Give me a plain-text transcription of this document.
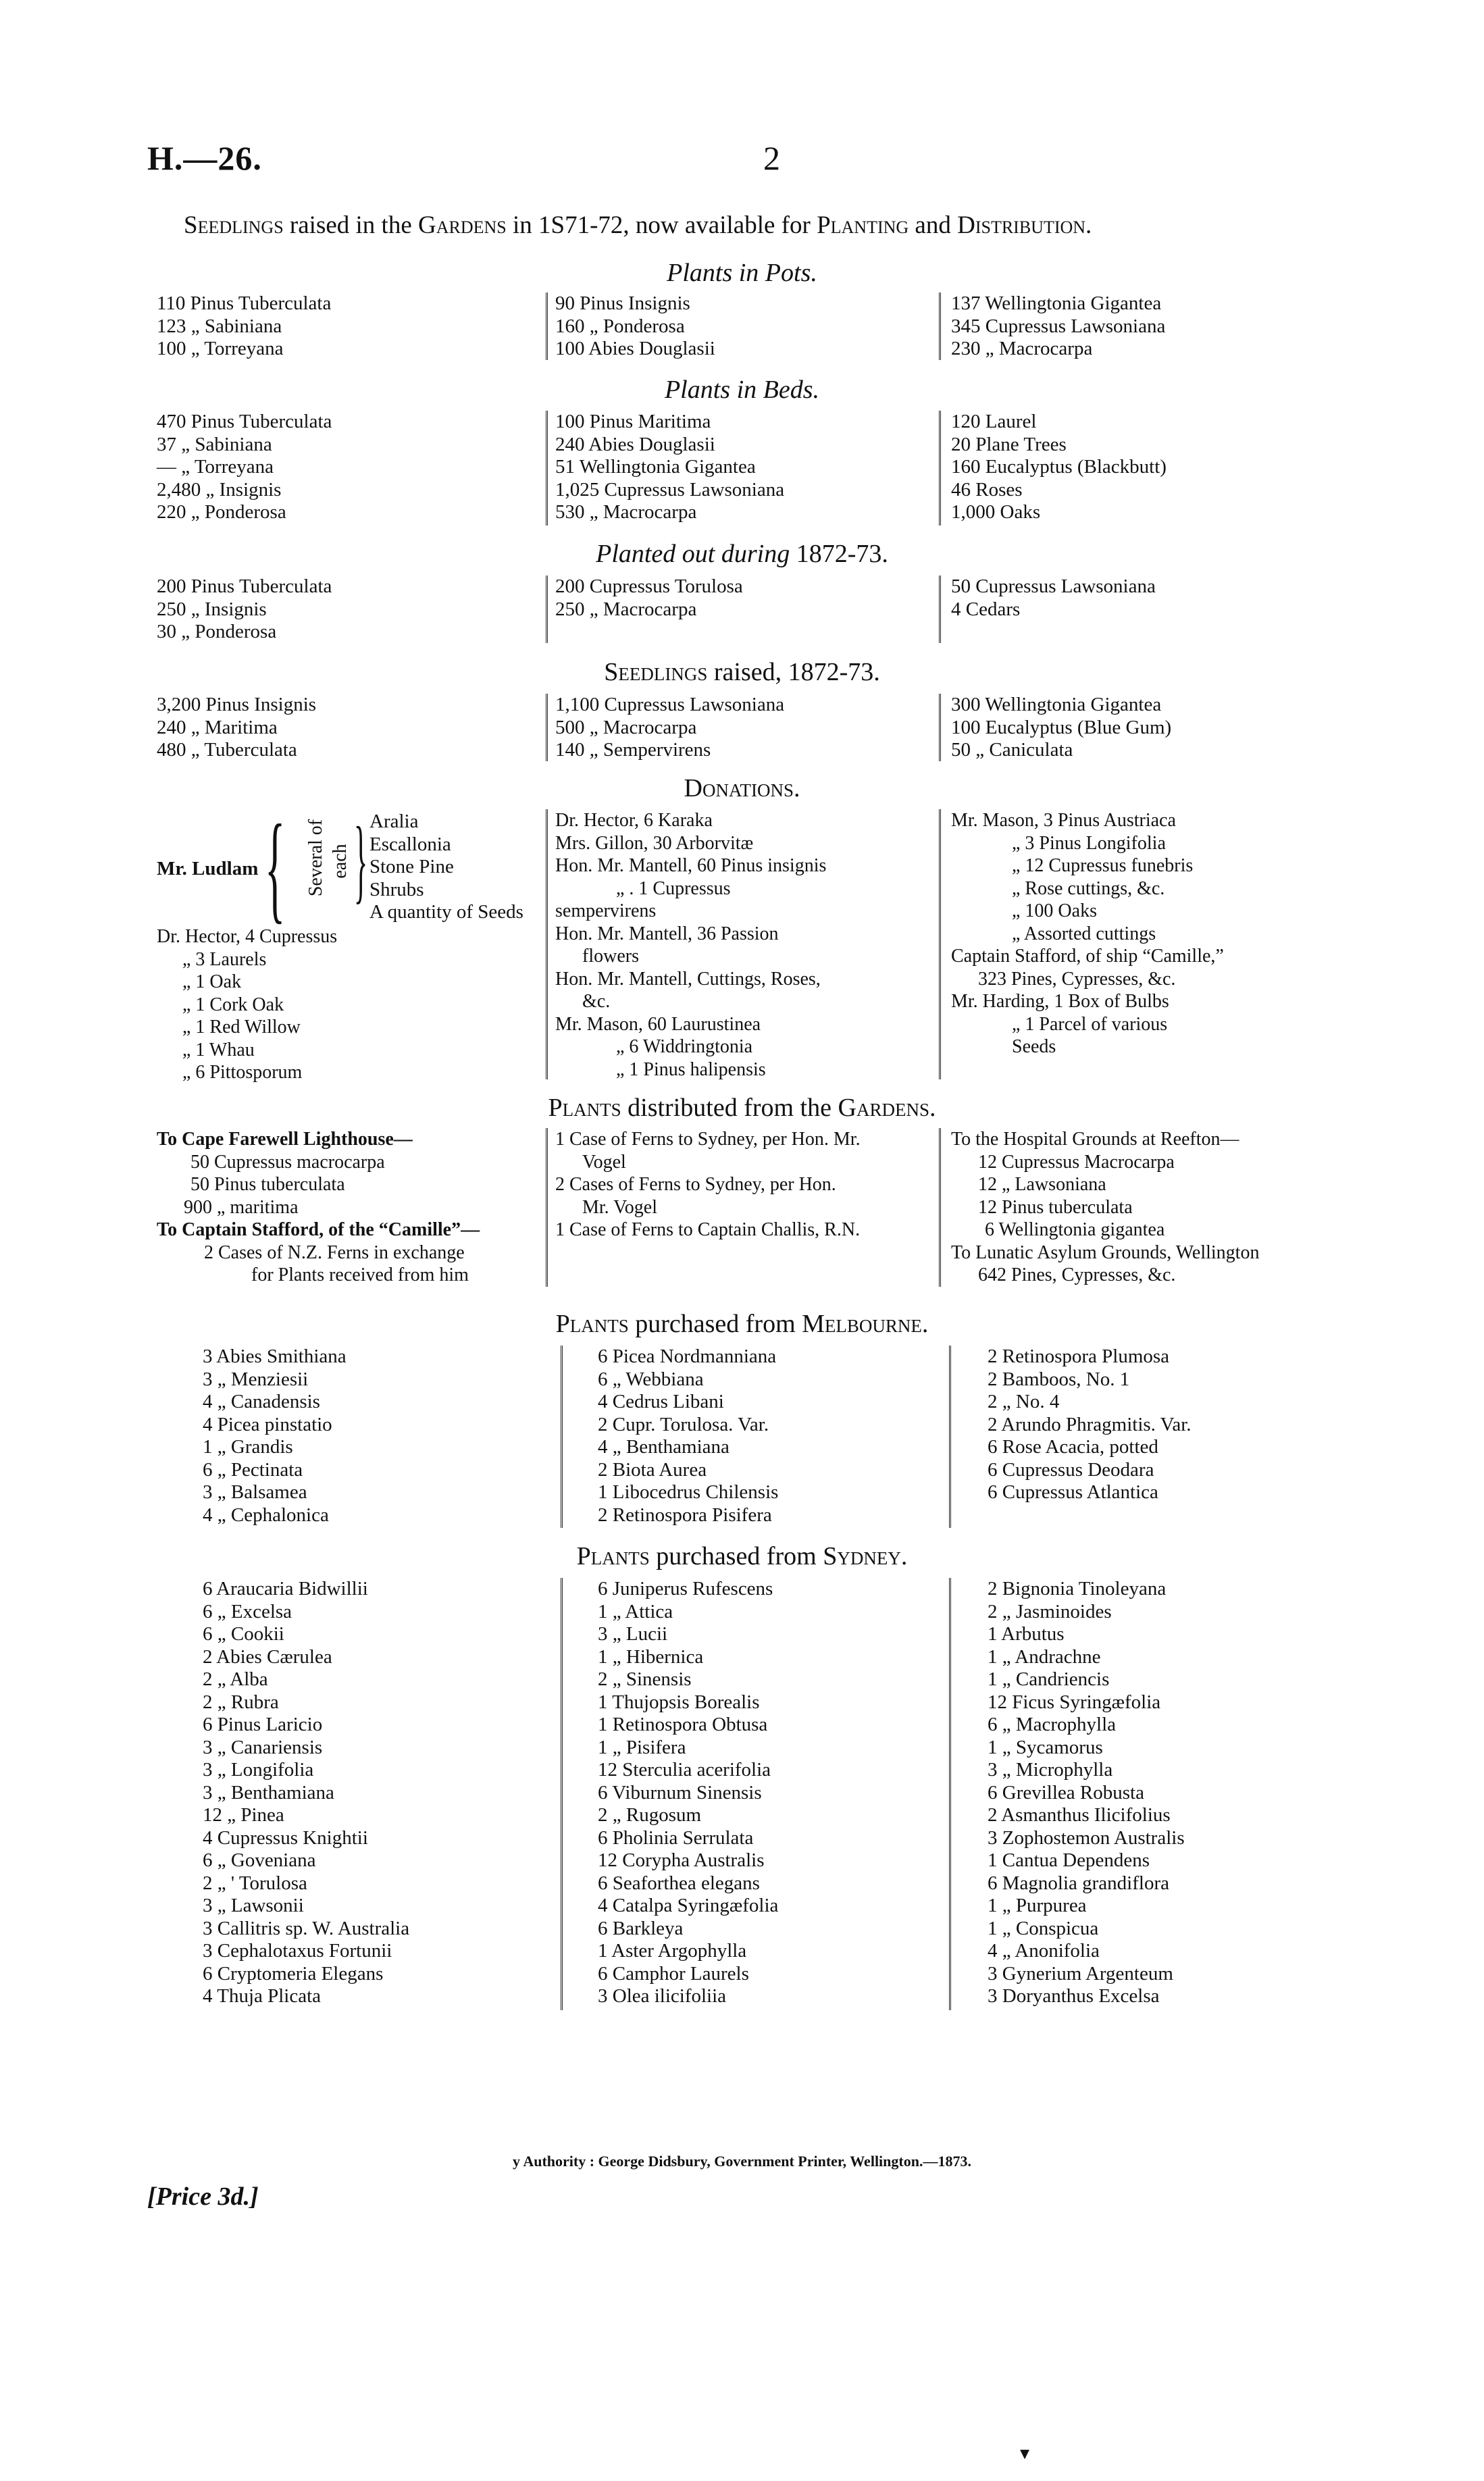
H.—26.	2
Seedlings raised in the Gardens in 1S71-72, now available for Planting and Distribution.
Plants in Pots.
110 Pinus Tuberculata
123 „ Sabiniana
100 „ Torreyana
90 Pinus Insignis
160 „ Ponderosa
100 Abies Douglasii
137 Wellingtonia Gigantea
345 Cupressus Lawsoniana
230 „ Macrocarpa
Plants in Beds.
470 Pinus Tuberculata
37 „ Sabiniana
— „ Torreyana
2,480 „ Insignis
220 „ Ponderosa
100 Pinus Maritima
240 Abies Douglasii
51 Wellingtonia Gigantea
1,025 Cupressus Lawsoniana
530 „ Macrocarpa
120 Laurel
20 Plane Trees
160 Eucalyptus (Blackbutt)
46 Roses
1,000 Oaks
Planted out during 1872-73.
200 Pinus Tuberculata
250 „ Insignis
30 „ Ponderosa
200 Cupressus Torulosa
250 „ Macrocarpa
50 Cupressus Lawsoniana
4 Cedars
Seedlings raised, 1872-73.
3,200 Pinus Insignis
240 „ Maritima
480 „ Tuberculata
1,100 Cupressus Lawsoniana
500 „ Macrocarpa
140 „ Sempervirens
300 Wellingtonia Gigantea
100 Eucalyptus (Blue Gum)
50 „ Caniculata
Donations.
Mr. Ludlam { Several of each } Aralia
Escallonia
Stone Pine
Shrubs
A quantity of Seeds
Dr. Hector, 4 Cupressus
„ 3 Laurels
„ 1 Oak
„ 1 Cork Oak
„ 1 Red Willow
„ 1 Whau
„ 6 Pittosporum
Dr. Hector, 6 Karaka
Mrs. Gillon, 30 Arborvitæ
Hon. Mr. Mantell, 60 Pinus insignis
„ . 1 Cupressus
sempervirens
Hon. Mr. Mantell, 36 Passion
flowers
Hon. Mr. Mantell, Cuttings, Roses,
&c.
Mr. Mason, 60 Laurustinea
„ 6 Widdringtonia
„ 1 Pinus halipensis
Mr. Mason, 3 Pinus Austriaca
„ 3 Pinus Longifolia
„ 12 Cupressus funebris
„ Rose cuttings, &c.
„ 100 Oaks
„ Assorted cuttings
Captain Stafford, of ship “Camille,”
323 Pines, Cypresses, &c.
Mr. Harding, 1 Box of Bulbs
„ 1 Parcel of various
Seeds
Plants distributed from the Gardens.
To Cape Farewell Lighthouse—
50 Cupressus macrocarpa
50 Pinus tuberculata
900 „ maritima
To Captain Stafford, of the “Camille”—
2 Cases of N.Z. Ferns in exchange
for Plants received from him
1 Case of Ferns to Sydney, per Hon. Mr.
Vogel
2 Cases of Ferns to Sydney, per Hon.
Mr. Vogel
1 Case of Ferns to Captain Challis, R.N.
To the Hospital Grounds at Reefton—
12 Cupressus Macrocarpa
12 „ Lawsoniana
12 Pinus tuberculata
6 Wellingtonia gigantea
To Lunatic Asylum Grounds, Wellington
642 Pines, Cypresses, &c.
Plants purchased from Melbourne.
3 Abies Smithiana
3 „ Menziesii
4 „ Canadensis
4 Picea pinstatio
1 „ Grandis
6 „ Pectinata
3 „ Balsamea
4 „ Cephalonica
6 Picea Nordmanniana
6 „ Webbiana
4 Cedrus Libani
2 Cupr. Torulosa. Var.
4 „ Benthamiana
2 Biota Aurea
1 Libocedrus Chilensis
2 Retinospora Pisifera
2 Retinospora Plumosa
2 Bamboos, No. 1
2 „ No. 4
2 Arundo Phragmitis. Var.
6 Rose Acacia, potted
6 Cupressus Deodara
6 Cupressus Atlantica
Plants purchased from Sydney.
6 Araucaria Bidwillii
6 „ Excelsa
6 „ Cookii
2 Abies Cærulea
2 „ Alba
2 „ Rubra
6 Pinus Laricio
3 „ Canariensis
3 „ Longifolia
3 „ Benthamiana
12 „ Pinea
4 Cupressus Knightii
6 „ Goveniana
2 „ ' Torulosa
3 „ Lawsonii
3 Callitris sp. W. Australia
3 Cephalotaxus Fortunii
6 Cryptomeria Elegans
4 Thuja Plicata
6 Juniperus Rufescens
1 „ Attica
3 „ Lucii
1 „ Hibernica
2 „ Sinensis
1 Thujopsis Borealis
1 Retinospora Obtusa
1 „ Pisifera
12 Sterculia acerifolia
6 Viburnum Sinensis
2 „ Rugosum
6 Pholinia Serrulata
12 Corypha Australis
6 Seaforthea elegans
4 Catalpa Syringæfolia
6 Barkleya
1 Aster Argophylla
6 Camphor Laurels
3 Olea ilicifoliia
2 Bignonia Tinoleyana
2 „ Jasminoides
1 Arbutus
1 „ Andrachne
1 „ Candriencis
12 Ficus Syringæfolia
6 „ Macrophylla
1 „ Sycamorus
3 „ Microphylla
6 Grevillea Robusta
2 Asmanthus Ilicifolius
3 Zophostemon Australis
1 Cantua Dependens
6 Magnolia grandiflora
1 „ Purpurea
1 „ Conspicua
4 „ Anonifolia
3 Gynerium Argenteum
3 Doryanthus Excelsa
y Authority : George Didsbury, Government Printer, Wellington.—1873.
[Price 3d.]
▾
